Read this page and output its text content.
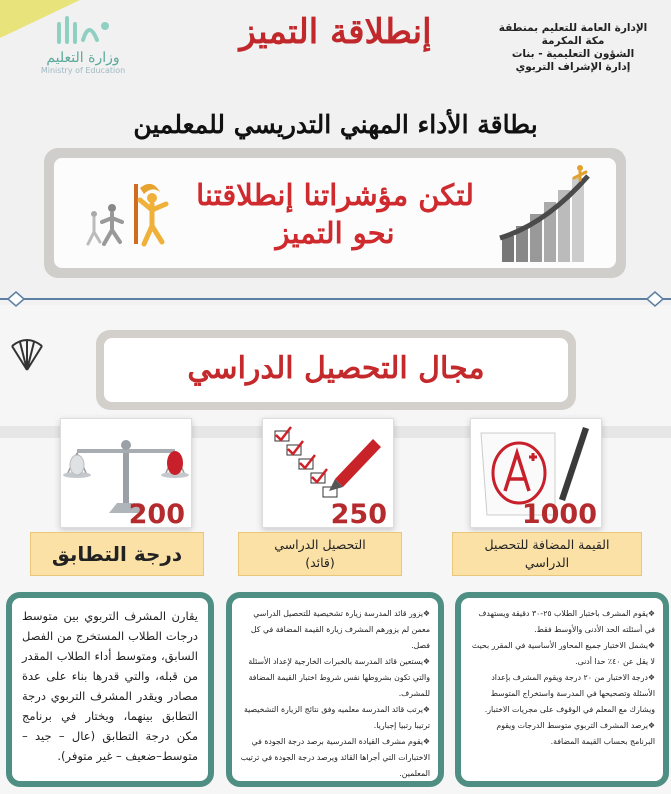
وزارة التعليم
Ministry of Education
إنطلاقة التميز	الإدارة العامة للتعليم بمنطقة
مكة المكرمة
الشؤون التعليمية - بنات
إدارة الإشراف التربوي
بطاقة الأداء المهني التدريسي للمعلمين
لتكن مؤشراتنا إنطلاقتنا
نحو التميز
مجال التحصيل الدراسي
200	250	1000
درجة التطابق	التحصيل الدراسي
(قائد)
القيمة المضافة للتحصيل
الدراسي
يقارن المشرف التربوي بين متوسط درجات الطلاب المستخرج من الفصل السابق، ومتوسط أداء الطلاب المقدر من قبله، والتي قدرها بناء على عدة مصادر ويقدر المشرف التربوي درجة التطابق بينهما، ويختار في برنامج مكن درجة التطابق (عال – جيد – متوسط–ضعيف – غير متوفر).
❖ يزور قائد المدرسة زيارة تشخيصية للتحصيل الدراسي معمن لم يزورهم المشرف زيارة القيمة المضافة في كل فصل.
❖ يستعين قائد المدرسة بالخبرات الخارجية لإعداد الأسئلة والتي تكون بشروطها نفس شروط اختبار القيمة المضافة للمشرف.
❖ يرتب قائد المدرسة معلميه وفق نتائج الزيارة التشخيصية ترتيبا رتبيا إجباريا.
❖ يقوم مشرف القيادة المدرسية برصد درجة الجودة في الاختبارات التي أجراها القائد ويرصد درجة الجودة في ترتيب المعلمين.
❖ يقوم المشرف باختبار الطلاب ٢٥-٣٠ دقيقة ويستهدف في أسئلته الحد الأدنى والأوسط فقط.
❖ يشمل الاختبار جميع المحاور الأساسية في المقرر بحيث لا يقل عن ٤٠٪ حدا أدنى.
❖ درجة الاختبار من ٢٠ درجة ويقوم المشرف بإعداد الأسئلة وتصحيحها في المدرسة واستخراج المتوسط ويشارك مع المعلم في الوقوف على مجريات الاختبار.
❖ يرصد المشرف التربوي متوسط الدرجات ويقوم البرنامج بحساب القيمة المضافة.
